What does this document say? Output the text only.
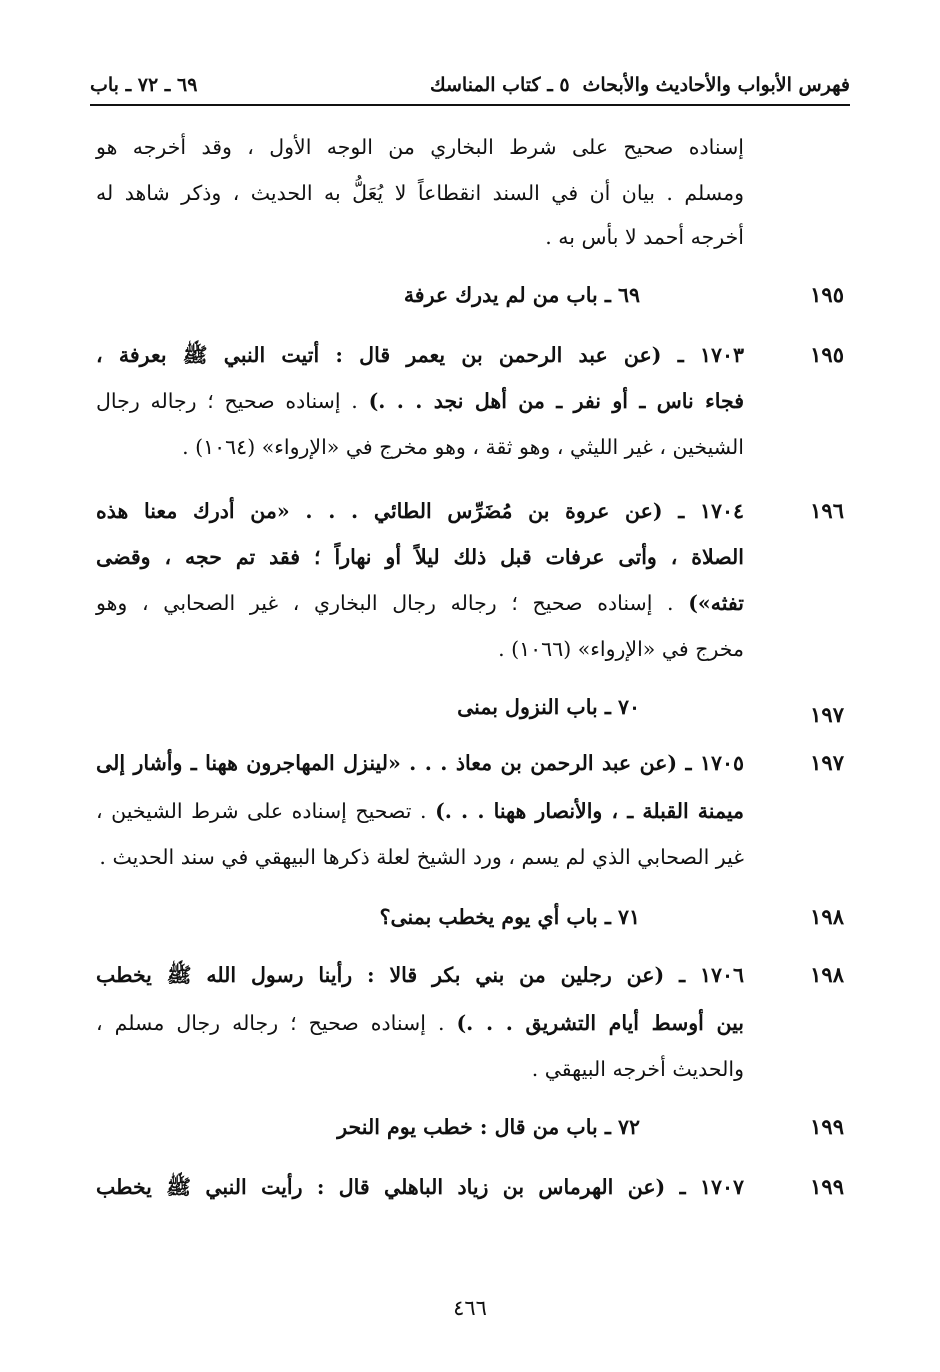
فهرس الأبواب والأحاديث والأبحاث
٥ ـ كتاب المناسك
٦٩ ـ ٧٢ ـ باب
إسناده صحيح على شرط البخاري من الوجه الأول ، وقد أخرجه هو
ومسلم . بيان أن في السند انقطاعاً لا يُعَلُّ به الحديث ، وذكر شاهد له
أخرجه أحمد لا بأس به .
١٩٥
٦٩ ـ باب من لم يدرك عرفة
١٩٥
١٧٠٣ ـ (عن عبد الرحمن بن يعمر قال : أتيت النبي ﷺ بعرفة ،
فجاء ناس ـ أو نفر ـ من أهل نجد . . .) . إسناده صحيح ؛ رجاله رجال
الشيخين ، غير الليثي ، وهو ثقة ، وهو مخرج في «الإرواء» (١٠٦٤) .
١٩٦
١٧٠٤ ـ (عن عروة بن مُضَرِّس الطائي . . . «من أدرك معنا هذه
الصلاة ، وأتى عرفات قبل ذلك ليلاً أو نهاراً ؛ فقد تم حجه ، وقضى
تفثه») . إسناده صحيح ؛ رجاله رجال البخاري ، غير الصحابي ، وهو
مخرج في «الإرواء» (١٠٦٦) .
١٩٧
٧٠ ـ باب النزول بمنى
١٩٧
١٧٠٥ ـ (عن عبد الرحمن بن معاذ . . . «لينزل المهاجرون ههنا ـ وأشار إلى
ميمنة القبلة ـ ، والأنصار ههنا . . .) . تصحيح إسناده على شرط الشيخين ،
غير الصحابي الذي لم يسم ، ورد الشيخ لعلة ذكرها البيهقي في سند الحديث .
١٩٨
٧١ ـ باب أي يوم يخطب بمنى؟
١٩٨
١٧٠٦ ـ (عن رجلين من بني بكر قالا : رأينا رسول الله ﷺ يخطب
بين أوسط أيام التشريق . . .) . إسناده صحيح ؛ رجاله رجال مسلم ،
والحديث أخرجه البيهقي .
١٩٩
٧٢ ـ باب من قال : خطب يوم النحر
١٩٩
١٧٠٧ ـ (عن الهرماس بن زياد الباهلي قال : رأيت النبي ﷺ يخطب
٤٦٦
